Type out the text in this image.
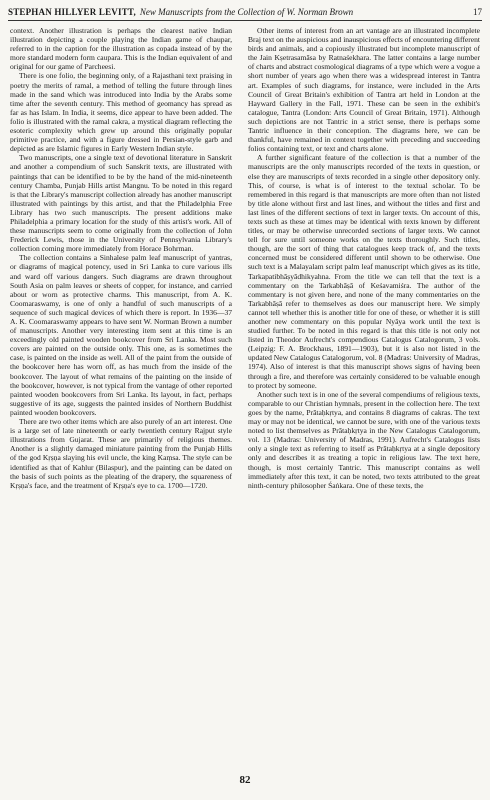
STEPHAN HILLYER LEVITT, New Manuscripts from the Collection of W. Norman Brown	17

context. Another illustration is perhaps the clearest native Indian illustration depicting a couple playing the Indian game of chaupar, referred to in the caption for the illustration as copada instead of by the more standard modern form caupara. This is the Indian equivalent of and original for our game of Parcheesi.

There is one folio, the beginning only, of a Rajasthani text praising in poetry the merits of ramal, a method of telling the future through lines made in the sand which was introduced into India by the Arabs some time after the seventh century. This method of geomancy has spread as far as has Islam. In India, it seems, dice appear to have been added. The folio is illustrated with the ramal cakra, a mystical diagram reflecting the esoteric complexity which grew up around this originally popular primitive practice, and with a figure dressed in Persian-style garb and depicted as are Islamic figures in Early Western Indian style.

Two manuscripts, one a single text of devotional literature in Sanskrit and another a compendium of such Sanskrit texts, are illustrated with paintings that can be identified to be by the hand of the mid-nineteenth century Chamba, Punjab Hills artist Mangnu. To be noted in this regard is that the Library's manuscript collection already has another manuscript illustrated with paintings by this artist, and that the Philadelphia Free Library has two such manuscripts. The present additions make Philadelphia a primary location for the study of this artist's work. All of these manuscripts seem to come originally from the collection of John Frederick Lewis, those in the University of Pennsylvania Library's collection coming more immediately from Horace Bohrman.

The collection contains a Sinhalese palm leaf manuscript of yantras, or diagrams of magical potency, used in Sri Lanka to cure various ills and ward off various dangers. Such diagrams are drawn throughout South Asia on palm leaves or sheets of copper, for instance, and carried about or worn as protective charms. This manuscript, from A. K. Coomaraswamy, is one of only a handful of such manuscripts of a sequence of such magical devices of which there is report. In 1936—37 A. K. Coomaraswamy appears to have sent W. Norman Brown a number of manuscripts. Another very interesting item sent at this time is an exceedingly old painted wooden bookcover from Sri Lanka. Most such covers are painted on the outside only. This one, as is sometimes the case, is painted on the inside as well. All of the paint from the outside of the bookcover here has worn off, as has much from the inside of the bookcover. The layout of what remains of the painting on the inside of the bookcover, however, is not typical from the vantage of other reported painted wooden bookcovers from Sri Lanka. Its layout, in fact, perhaps suggestive of its age, suggests the painted insides of Northern Buddhist painted wooden bookcovers.

There are two other items which are also purely of an art interest. One is a large set of late nineteenth or early twentieth century Rajput style illustrations from Gujarat. These are primarily of religious themes. Another is a slightly damaged miniature painting from the Punjab Hills of the god Kṛṣṇa slaying his evil uncle, the king Kaṃsa. The style can be identified as that of Kahlur (Bilaspur), and the painting can be dated on the basis of such points as the pleating of the drapery, the squareness of Kṛṣṇa's face, and the treatment of Kṛṣṇa's eye to ca. 1700—1720.

Other items of interest from an art vantage are an illustrated incomplete Braj text on the auspicious and inauspicious effects of encountering different birds and animals, and a copiously illustrated but incomplete manuscript of the Jain Kṣetrasamāsa by Ratnaśekhara. The latter contains a large number of charts and abstract cosmological diagrams of a type which were a vogue a short number of years ago when there was a widespread interest in Tantra art. Examples of such diagrams, for instance, were included in the Arts Council of Great Britain's exhibition of Tantra art held in London at the Hayward Gallery in the Fall, 1971. These can be seen in the exhibit's catalogue, Tantra (London: Arts Council of Great Britain, 1971). Although such depictions are not Tantric in a strict sense, there is perhaps some Tantric influence in their conception. The diagrams here, we can be thankful, have remained in context together with preceding and succeeding folios containing text, or text and charts alone.

A further significant feature of the collection is that a number of the manuscripts are the only manuscripts recorded of the texts in question, or else they are manuscripts of texts recorded in a single other depository only. This, of course, is what is of interest to the textual scholar. To be remembered in this regard is that manuscripts are more often than not listed by title alone without first and last lines, and without the titles and first and last lines of the different sections of text in larger texts. On account of this, texts such as these at times may be identical with texts known by different titles, or may be otherwise unrecorded sections of larger texts. We cannot tell for sure until someone works on the texts thoroughly. Such titles, though, are the sort of thing that catalogues keep track of, and the texts concerned must be considered different until shown to be otherwise. One such text is a Malayalam script palm leaf manuscript which gives as its title, Tarkapatibhāṣyādhikyahna. From the title we can tell that the text is a commentary on the Tarkabhāṣā of Keśavamiśra. The author of the commentary is not given here, and none of the many commentaries on the Tarkabhāṣā refer to themselves as does our manuscript here. We simply cannot tell whether this is another title for one of these, or whether it is still another new commentary on this popular Nyāya work until the text is studied further. To be noted in this regard is that this title is not only not listed in Theodor Aufrecht's compendious Catalogus Catalogorum, 3 vols. (Leipzig: F. A. Brockhaus, 1891—1903), but it is also not listed in the updated New Catalogus Catalogorum, vol. 8 (Madras: University of Madras, 1974). Also of interest is that this manuscript shows signs of having been through a fire, and therefore was certainly considered to be valuable enough to protect by someone.

Another such text is in one of the several compendiums of religious texts, comparable to our Christian hymnals, present in the collection here. The text goes by the name, Prātaḥkṛtya, and contains 8 diagrams of cakras. The text may or may not be identical, we cannot be sure, with one of the various texts noted to list themselves as Prātaḥkṛtya in the New Catalogus Catalogorum, vol. 13 (Madras: University of Madras, 1991). Aufrecht's Catalogus lists only a single text as referring to itself as Prātaḥkṛtya at a single depository only and describes it as treating a topic in religious law. The text here, though, is most certainly Tantric. This manuscript contains as well immediately after this text, it can be noted, two texts attributed to the great ninth-century philosopher Śaṅkara. One of these texts, the

82
